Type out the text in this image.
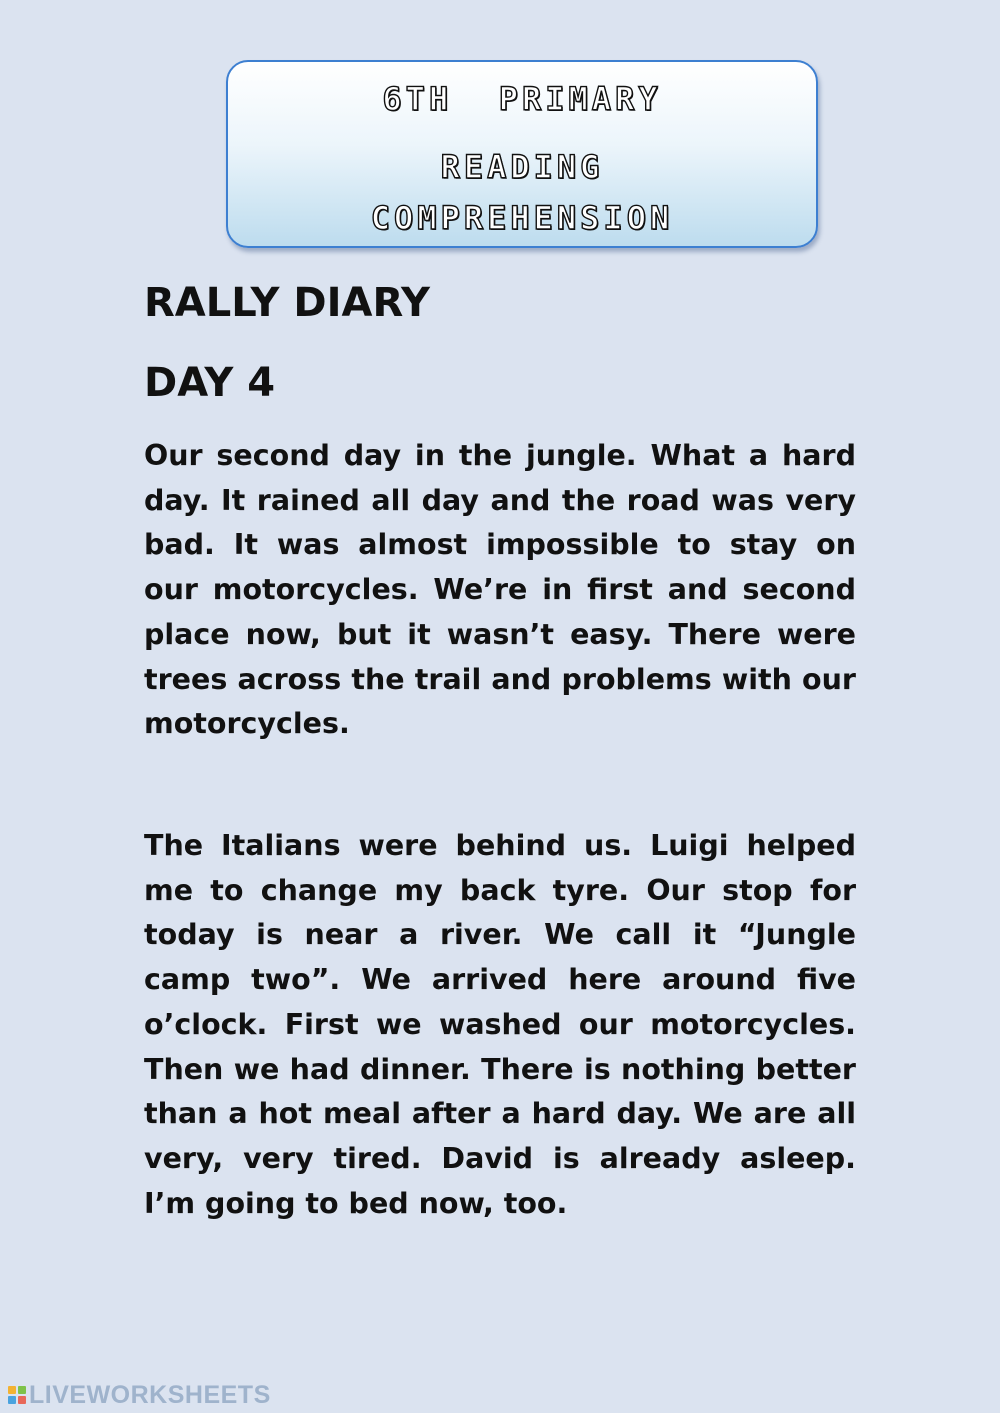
6TH  PRIMARY
READING
COMPREHENSION
RALLY DIARY
DAY 4

Our second day in the jungle. What a hard day. It rained all day and the road was very bad. It was almost impossible to stay on our motorcycles. We’re in first and second place now, but it wasn’t easy. There were trees across the trail and problems with our motorcycles.

The Italians were behind us. Luigi helped me to change my back tyre. Our stop for today is near a river. We call it “Jungle camp two”. We arrived here around five o’clock. First we washed our motorcycles. Then we had dinner. There is nothing better than a hot meal after a hard day. We are all very, very tired. David is already asleep. I’m going to bed now, too.

LIVEWORKSHEETS
